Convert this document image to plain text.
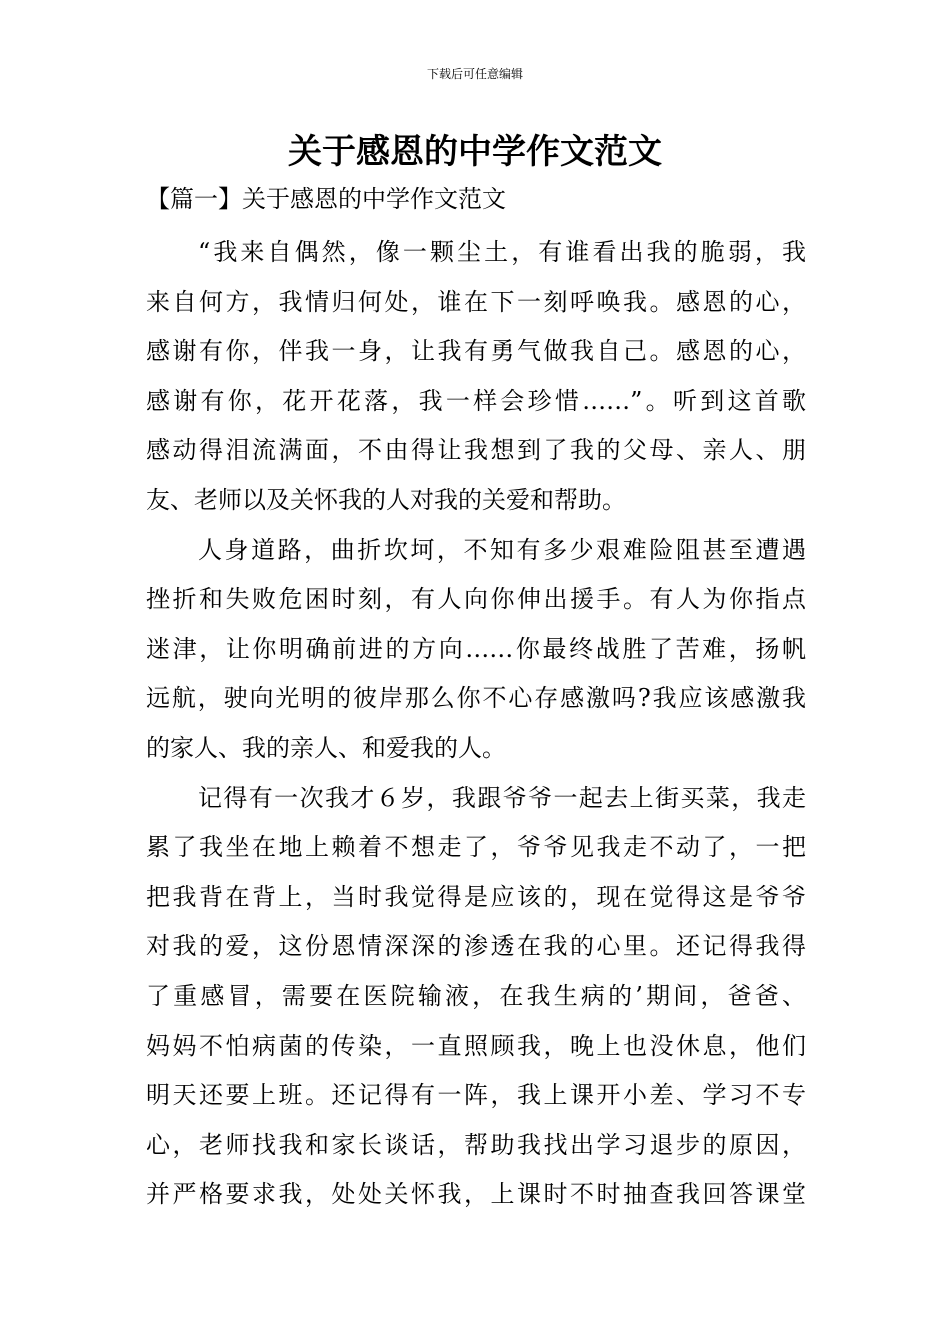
下载后可任意编辑
关于感恩的中学作文范文
【篇一】关于感恩的中学作文范文
“我来自偶然，像一颗尘土，有谁看出我的脆弱，我
来自何方，我情归何处，谁在下一刻呼唤我。感恩的心，
感谢有你，伴我一身，让我有勇气做我自己。感恩的心，
感谢有你，花开花落，我一样会珍惜……”。听到这首歌
感动得泪流满面，不由得让我想到了我的父母、亲人、朋
友、老师以及关怀我的人对我的关爱和帮助。
人身道路，曲折坎坷，不知有多少艰难险阻甚至遭遇
挫折和失败危困时刻，有人向你伸出援手。有人为你指点
迷津，让你明确前进的方向……你最终战胜了苦难，扬帆
远航，驶向光明的彼岸那么你不心存感激吗?我应该感激我
的家人、我的亲人、和爱我的人。
记得有一次我才６岁，我跟爷爷一起去上街买菜，我走
累了我坐在地上赖着不想走了，爷爷见我走不动了，一把
把我背在背上，当时我觉得是应该的，现在觉得这是爷爷
对我的爱，这份恩情深深的渗透在我的心里。还记得我得
了重感冒，需要在医院输液，在我生病的’期间，爸爸、
妈妈不怕病菌的传染，一直照顾我，晚上也没休息，他们
明天还要上班。还记得有一阵，我上课开小差、学习不专
心，老师找我和家长谈话，帮助我找出学习退步的原因，
并严格要求我，处处关怀我，上课时不时抽查我回答课堂
